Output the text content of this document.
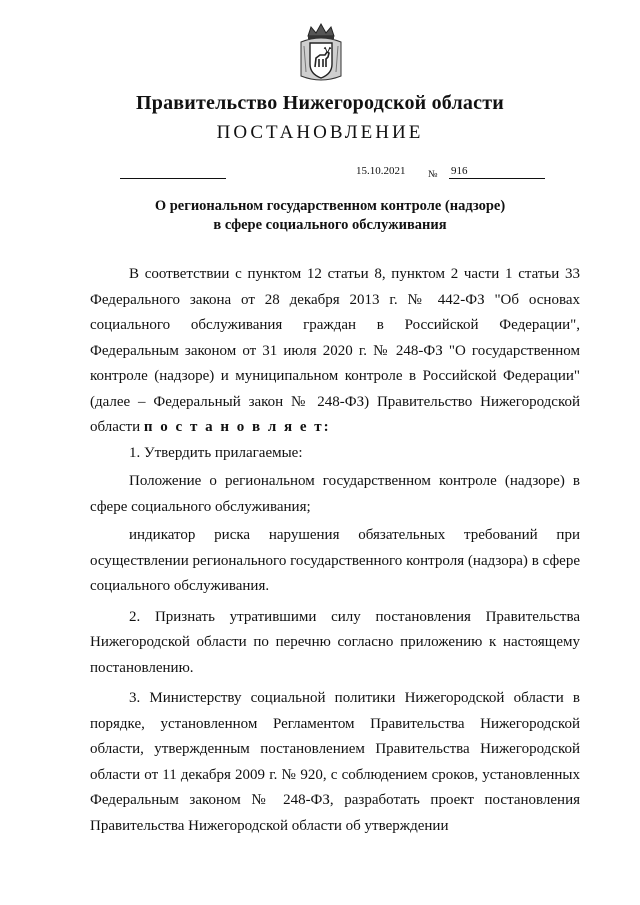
Правительство Нижегородской области
ПОСТАНОВЛЕНИЕ
15.10.2021 № 916
О региональном государственном контроле (надзоре)
в сфере социального обслуживания

В соответствии с пунктом 12 статьи 8, пунктом 2 части 1 статьи 33 Федерального закона от 28 декабря 2013 г. № 442-ФЗ "Об основах социального обслуживания граждан в Российской Федерации", Федеральным законом от 31 июля 2020 г. № 248-ФЗ "О государственном контроле (надзоре) и муниципальном контроле в Российской Федерации" (далее – Федеральный закон № 248-ФЗ) Правительство Нижегородской области п о с т а н о в л я е т:

1. Утвердить прилагаемые:

Положение о региональном государственном контроле (надзоре) в сфере социального обслуживания;

индикатор риска нарушения обязательных требований при осуществлении регионального государственного контроля (надзора) в сфере социального обслуживания.

2. Признать утратившими силу постановления Правительства Нижегородской области по перечню согласно приложению к настоящему постановлению.

3. Министерству социальной политики Нижегородской области в порядке, установленном Регламентом Правительства Нижегородской области, утвержденным постановлением Правительства Нижегородской области от 11 декабря 2009 г. № 920, с соблюдением сроков, установленных Федеральным законом № 248-ФЗ, разработать проект постановления Правительства Нижегородской области об утверждении
